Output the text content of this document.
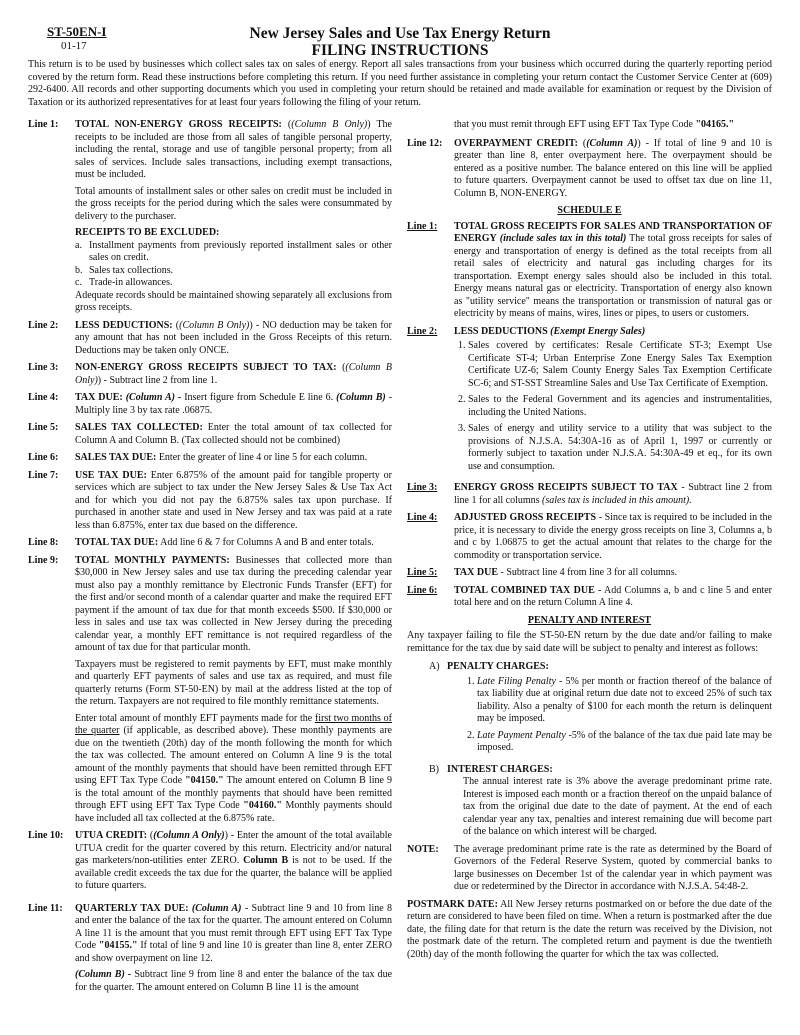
ST-50EN-I
01-17
New Jersey Sales and Use Tax Energy Return
FILING INSTRUCTIONS
This return is to be used by businesses which collect sales tax on sales of energy. Report all sales transactions from your business which occurred during the quarterly reporting period covered by the return form. Read these instructions before completing this return. If you need further assistance in completing your return contact the Customer Service Center at (609) 292-6400. All records and other supporting documents which you used in completing your return should be retained and made available for examination or request by the Division of Taxation or its authorized representatives for at least four years following the filing of your return.
Line 1:	TOTAL NON-ENERGY GROSS RECEIPTS: ((Column B Only)) The receipts to be included are those from all sales of tangible personal property, including the rental, storage and use of tangible personal property; from all sales of services. Include sales transactions, including exempt transactions, must be included.

Total amounts of installment sales or other sales on credit must be included in the gross receipts for the period during which the sales were consummated by delivery to the purchaser.

RECEIPTS TO BE EXCLUDED:
a. Installment payments from previously reported installment sales or other sales on credit.
b. Sales tax collections.
c. Trade-in allowances.

Adequate records should be maintained showing separately all exclusions from gross receipts.

Line 2:	LESS DEDUCTIONS: ((Column B Only)) - NO deduction may be taken for any amount that has not been included in the Gross Receipts of this return. Deductions may be taken only ONCE.
Line 3:	NON-ENERGY GROSS RECEIPTS SUBJECT TO TAX: ((Column B Only)) - Subtract line 2 from line 1.
Line 4:	TAX DUE: (Column A) - Insert figure from Schedule E line 6. (Column B) - Multiply line 3 by tax rate .06875.
Line 5:	SALES TAX COLLECTED: Enter the total amount of tax collected for Column A and Column B. (Tax collected should not be combined)
Line 6:	SALES TAX DUE: Enter the greater of line 4 or line 5 for each column.
Line 7:	USE TAX DUE: Enter 6.875% of the amount paid for tangible property or services which are subject to tax under the New Jersey Sales & Use Tax Act and for which you did not pay the 6.875% sales tax upon purchase. If purchased in another state and used in New Jersey and tax was paid at a rate less than 6.875%, enter tax due based on the difference.
Line 8:	TOTAL TAX DUE: Add line 6 & 7 for Columns A and B and enter totals.
Line 9:	TOTAL MONTHLY PAYMENTS: Businesses that collected more than $30,000 in New Jersey sales and use tax during the preceding calendar year must also pay a monthly remittance by Electronic Funds Transfer (EFT) for the first and/or second month of a calendar quarter and make the required EFT payment if the amount of tax due for that month exceeds $500. If $30,000 or less in sales and use tax was collected in New Jersey during the preceding calendar year, a monthly EFT remittance is not required regardless of the amount of tax due for that particular month.

Taxpayers must be registered to remit payments by EFT, must make monthly and quarterly EFT payments of sales and use tax as required, and must file quarterly returns (Form ST-50-EN) by mail at the address listed at the top of the return. Taxpayers are not required to file monthly remittance statements.

Enter total amount of monthly EFT payments made for the first two months of the quarter (if applicable, as described above). These monthly payments are due on the twentieth (20th) day of the month following the month for which the tax was collected. The amount entered on Column A line 9 is the total amount of the monthly payments that should have been remitted through EFT using EFT Tax Type Code "04150." The amount entered on Column B line 9 is the total amount of the monthly payments that should have been remitted through EFT using EFT Tax Type Code "04160." Monthly payments should have included all tax collected at the 6.875% rate.

Line 10:	UTUA CREDIT: ((Column A Only)) - Enter the amount of the total available UTUA credit for the quarter covered by this return. Electricity and/or natural gas marketers/non-utilities enter ZERO. Column B is not to be used. If the available credit exceeds the tax due for the quarter, the balance will be applied to future quarters.
Line 11:	QUARTERLY TAX DUE: (Column A) - Subtract line 9 and 10 from line 8 and enter the balance of the tax for the quarter. The amount entered on Column A line 11 is the amount that you must remit through EFT using EFT Tax Type Code "04155." If total of line 9 and line 10 is greater than line 8, enter ZERO and show overpayment on line 12.

(Column B) - Subtract line 9 from line 8 and enter the balance of the tax due for the quarter. The amount entered on Column B line 11 is the amount

that you must remit through EFT using EFT Tax Type Code "04165."
Line 12:	OVERPAYMENT CREDIT: ((Column A)) - If total of line 9 and 10 is greater than line 8, enter overpayment here. The overpayment should be entered as a positive number. The balance entered on this line will be applied to future quarters. Overpayment cannot be used to offset tax due on line 11, Column B, NON-ENERGY.
SCHEDULE E
Line 1:	TOTAL GROSS RECEIPTS FOR SALES AND TRANSPORTATION OF ENERGY (include sales tax in this total) The total gross receipts for sales of energy and transportation of energy is defined as the total receipts from all retail sales of electricity and natural gas including charges for its transportation. Exempt energy sales should also be included in this total. Energy means natural gas or electricity. Transportation of energy also known as "utility service" means the transportation or transmission of natural gas or electricity by means of mains, wires, lines or pipes, to users or customers.
Line 2:	LESS DEDUCTIONS (Exempt Energy Sales)
1. Sales covered by certificates: Resale Certificate ST-3; Exempt Use Certificate ST-4; Urban Enterprise Zone Energy Sales Tax Exemption Certificate UZ-6; Salem County Energy Sales Tax Exemption Certificate SC-6; and ST-SST Streamline Sales and Use Tax Certificate of Exemption.
2. Sales to the Federal Government and its agencies and instrumentalities, including the United Nations.
3. Sales of energy and utility service to a utility that was subject to the provisions of N.J.S.A. 54:30A-16 as of April 1, 1997 or currently or formerly subject to taxation under N.J.S.A. 54:30A-49 et eq., for its own use and consumption.
Line 3:	ENERGY GROSS RECEIPTS SUBJECT TO TAX - Subtract line 2 from line 1 for all columns (sales tax is included in this amount).
Line 4:	ADJUSTED GROSS RECEIPTS - Since tax is required to be included in the price, it is necessary to divide the energy gross receipts on line 3, Columns a, b and c by 1.06875 to get the actual amount that relates to the charge for the commodity or transportation service.
Line 5:	TAX DUE - Subtract line 4 from line 3 for all columns.
Line 6:	TOTAL COMBINED TAX DUE - Add Columns a, b and c line 5 and enter total here and on the return Column A line 4.
PENALTY AND INTEREST
Any taxpayer failing to file the ST-50-EN return by the due date and/or failing to make remittance for the tax due by said date will be subject to penalty and interest as follows:
A) PENALTY CHARGES:
1. Late Filing Penalty - 5% per month or fraction thereof of the balance of tax liability due at original return due date not to exceed 25% of such tax liability. Also a penalty of $100 for each month the return is delinquent may be imposed.
2. Late Payment Penalty -5% of the balance of the tax due paid late may be imposed.
B) INTEREST CHARGES:
The annual interest rate is 3% above the average predominant prime rate. Interest is imposed each month or a fraction thereof on the unpaid balance of tax from the original due date to the date of payment. At the end of each calendar year any tax, penalties and interest remaining due will become part of the balance on which interest will be charged.
NOTE:	The average predominant prime rate is the rate as determined by the Board of Governors of the Federal Reserve System, quoted by commercial banks to large businesses on December 1st of the calendar year in which payment was due or redetermined by the Director in accordance with N.J.S.A. 54:48-2.
POSTMARK DATE: All New Jersey returns postmarked on or before the due date of the return are considered to have been filed on time. When a return is postmarked after the due date, the filing date for that return is the date the return was received by the Division, not the postmark date of the return. The completed return and payment is due the twentieth (20th) day of the month following the quarter for which the tax was collected.
